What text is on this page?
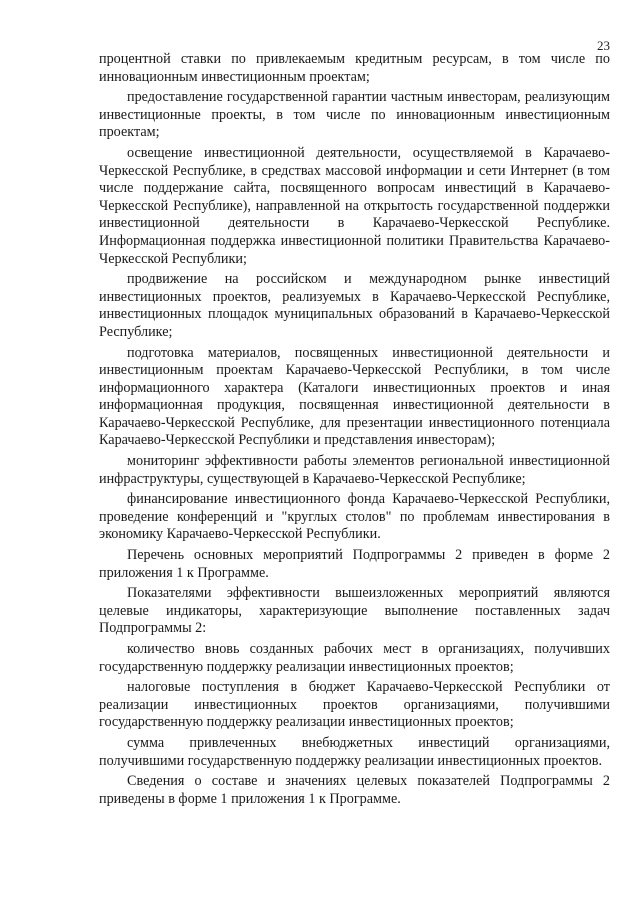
23

процентной ставки по привлекаемым кредитным ресурсам, в том числе по инновационным инвестиционным проектам;

предоставление государственной гарантии частным инвесторам, реализующим инвестиционные проекты, в том числе по инновационным инвестиционным проектам;

освещение инвестиционной деятельности, осуществляемой в Карачаево-Черкесской Республике, в средствах массовой информации и сети Интернет (в том числе поддержание сайта, посвященного вопросам инвестиций в Карачаево-Черкесской Республике), направленной на открытость государственной поддержки инвестиционной деятельности в Карачаево-Черкесской Республике. Информационная поддержка инвестиционной политики Правительства Карачаево-Черкесской Республики;

продвижение на российском и международном рынке инвестиций инвестиционных проектов, реализуемых в Карачаево-Черкесской Республике, инвестиционных площадок муниципальных образований в Карачаево-Черкесской Республике;

подготовка материалов, посвященных инвестиционной деятельности и инвестиционным проектам Карачаево-Черкесской Республики, в том числе информационного характера (Каталоги инвестиционных проектов и иная информационная продукция, посвященная инвестиционной деятельности в Карачаево-Черкесской Республике, для презентации инвестиционного потенциала Карачаево-Черкесской Республики и представления инвесторам);

мониторинг эффективности работы элементов региональной инвестиционной инфраструктуры, существующей в Карачаево-Черкесской Республике;

финансирование инвестиционного фонда Карачаево-Черкесской Республики, проведение конференций и "круглых столов" по проблемам инвестирования в экономику Карачаево-Черкесской Республики.

Перечень основных мероприятий Подпрограммы 2 приведен в форме 2 приложения 1 к Программе.

Показателями эффективности вышеизложенных мероприятий являются целевые индикаторы, характеризующие выполнение поставленных задач Подпрограммы 2:

количество вновь созданных рабочих мест в организациях, получивших государственную поддержку реализации инвестиционных проектов;

налоговые поступления в бюджет Карачаево-Черкесской Республики от реализации инвестиционных проектов организациями, получившими государственную поддержку реализации инвестиционных проектов;

сумма привлеченных внебюджетных инвестиций организациями, получившими государственную поддержку реализации инвестиционных проектов.

Сведения о составе и значениях целевых показателей Подпрограммы 2 приведены в форме 1 приложения 1 к Программе.
